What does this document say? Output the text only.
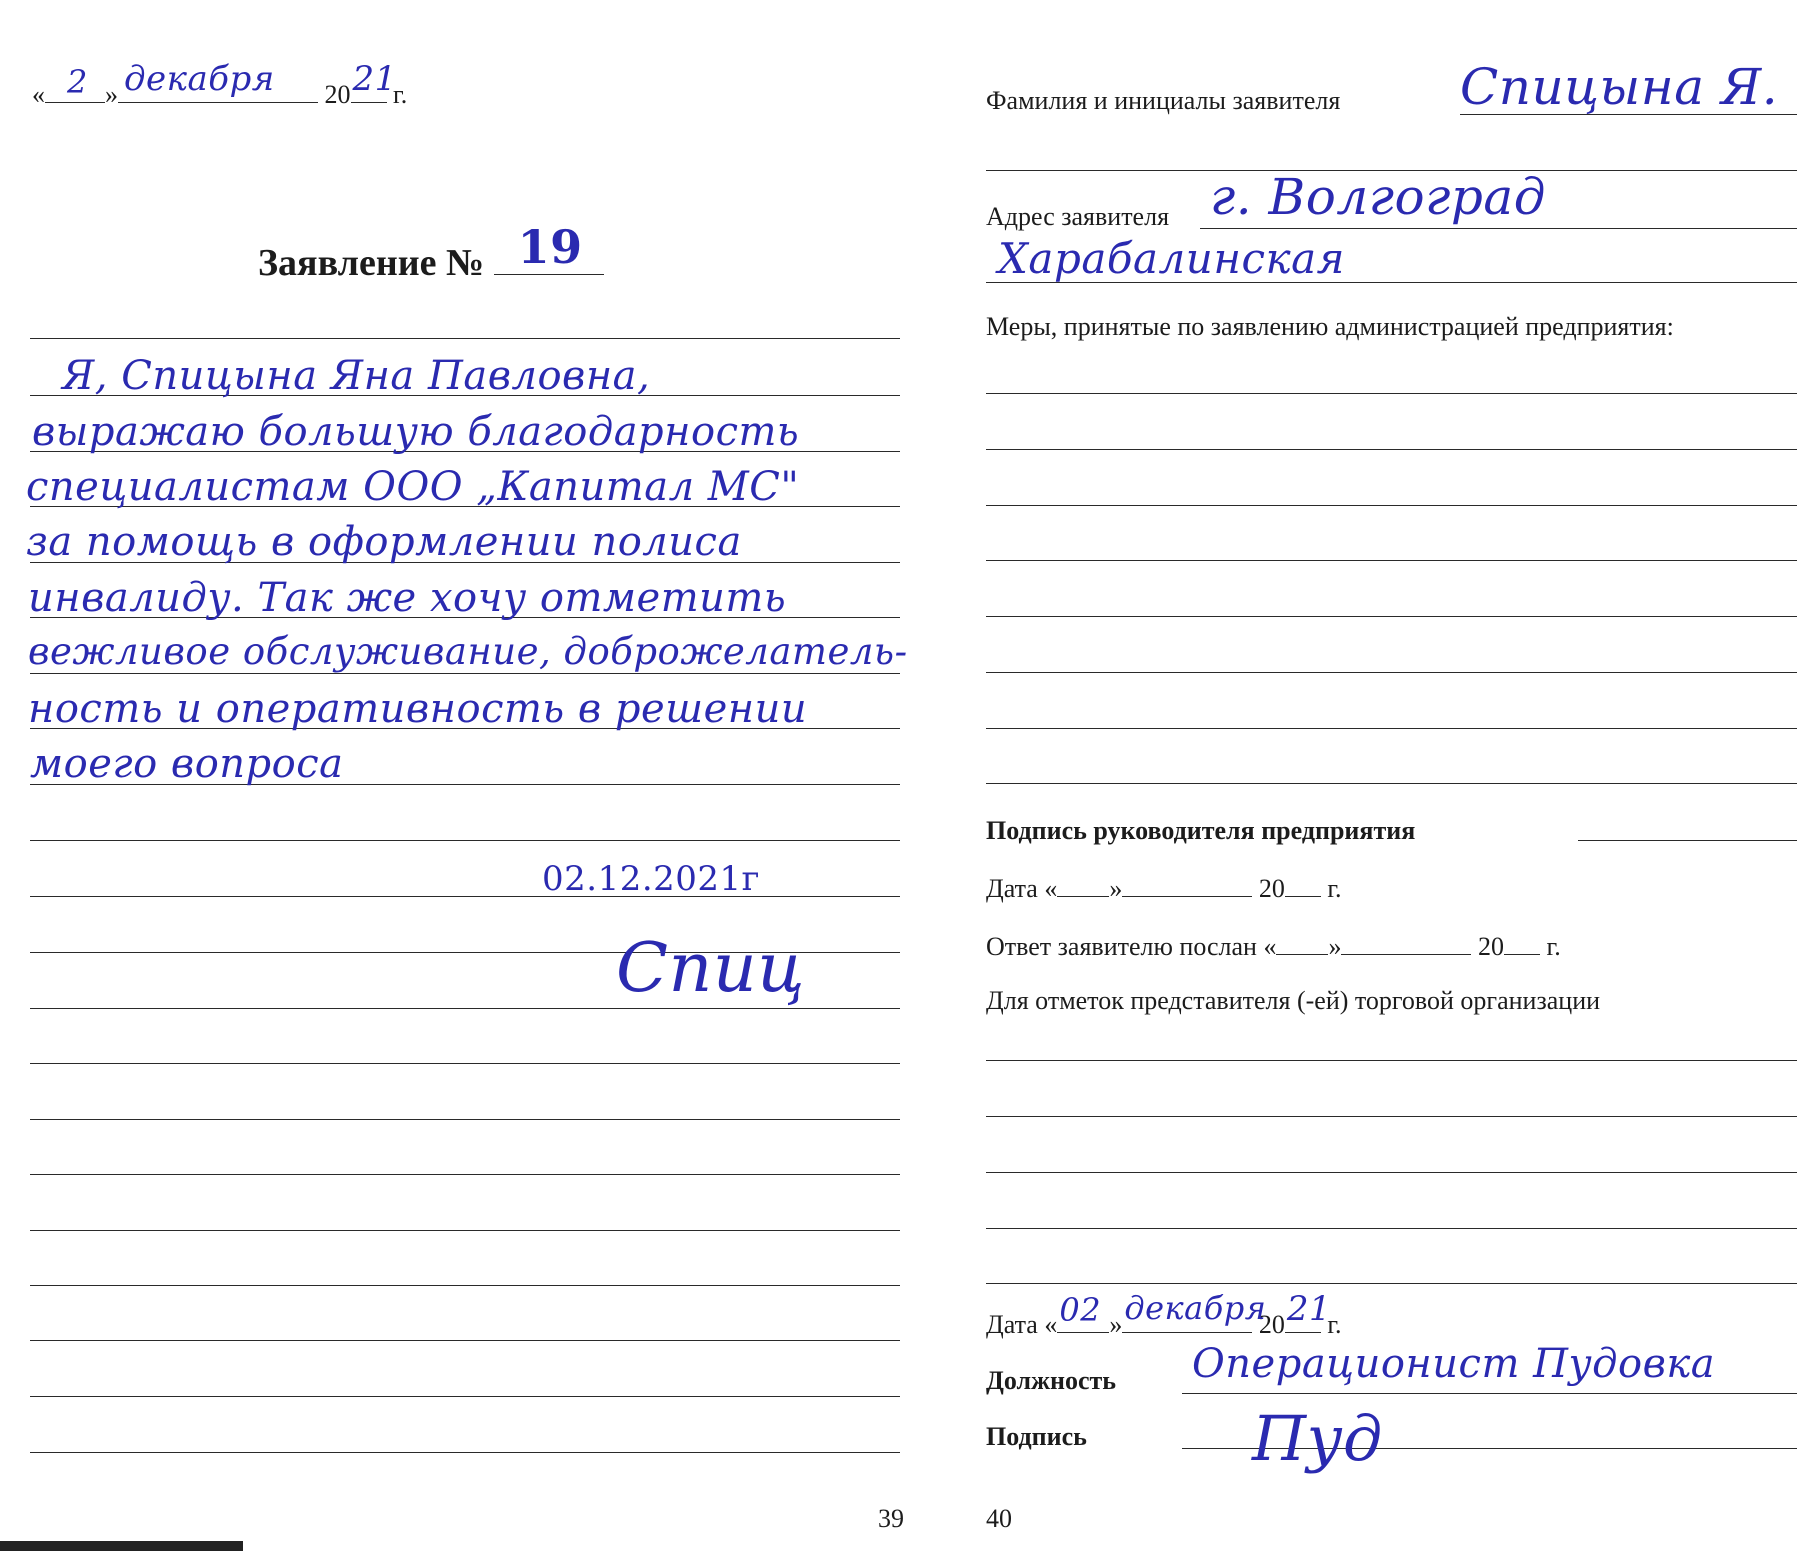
« 2 » декабря 20 21
г.
Заявление № 19
Я, Спицына Яна Павловна,
выражаю большую благодарность
специалистам ООО „Капитал МС"
за помощь в оформлении полиса
инвалиду. Так же хочу отметить
вежливое обслуживание, доброжелатель-
ность и оперативность в решении
моего вопроса
02.12.2021г
Спиц
39
Фамилия и инициалы заявителя Спицына Я.
Адрес заявителя г. Волгоград
Харабалинская
Меры, принятые по заявлению администрацией предприятия:
Подпись руководителя предприятия
Дата « »	20 г.
Ответ заявителю послан « »	20 г.
Для отметок представителя (-ей) торговой организации
Дата « 02 » декабря
20 21
г.
Должность Операционист Пудовка
Подпись	Пуд
40
